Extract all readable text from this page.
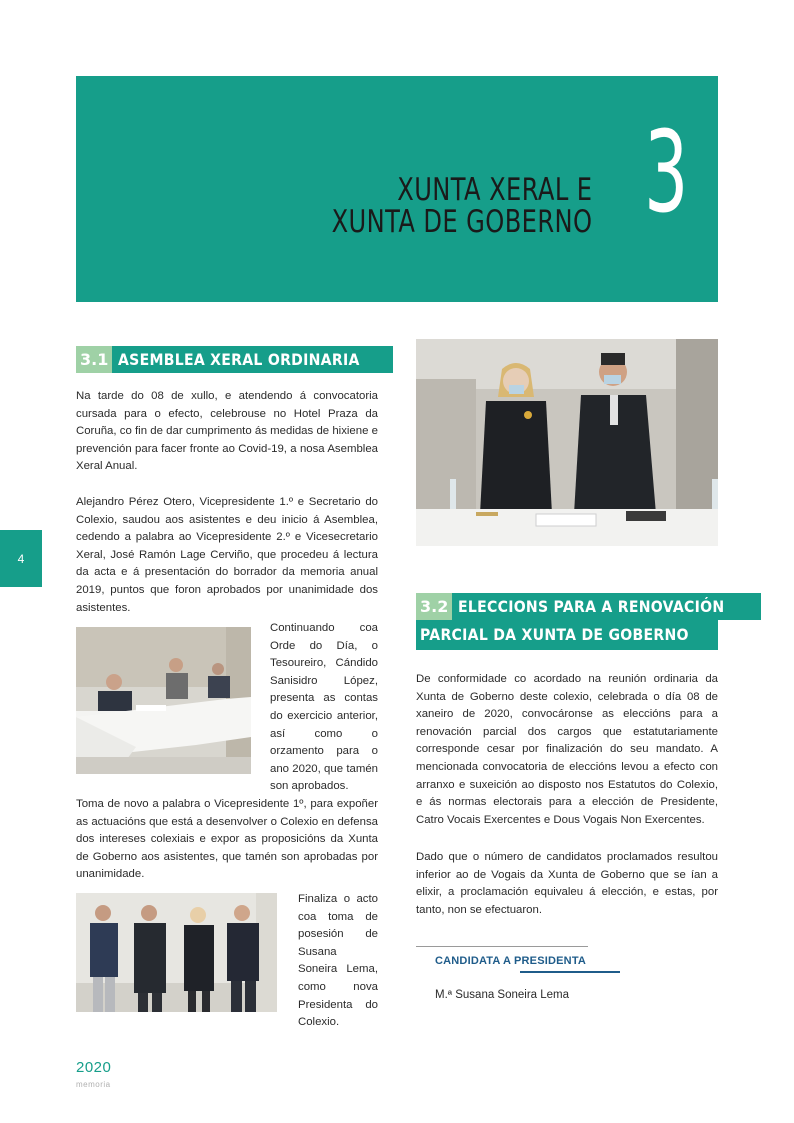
XUNTA XERAL E
XUNTA DE GOBERNO 3
4
3.1 ASEMBLEA XERAL ORDINARIA

Na tarde do 08 de xullo, e atendendo á convocatoria cursada para o efecto, celebrouse no Hotel Praza da Coruña, co fin de dar cumprimento ás medidas de hixiene e prevención para facer fronte ao Covid-19, a nosa Asemblea Xeral Anual.

Alejandro Pérez Otero, Vicepresidente 1.º e Secretario do Colexio, saudou aos asistentes e deu inicio á Asemblea, cedendo a palabra ao Vicepresidente 2.º e Vicesecretario Xeral, José Ramón Lage Cerviño, que procedeu á lectura da acta e á presentación do borrador da memoria anual 2019, puntos que foron aprobados por unanimidade dos asistentes.

Continuando coa Orde do Día, o Tesoureiro, Cándido Sanisidro López, presenta as contas do exercicio anterior, así como o orzamento para o ano 2020, que tamén son aprobados.

Toma de novo a palabra o Vicepresidente 1º, para expoñer as actuacións que está a desenvolver o Colexio en defensa dos intereses colexiais e expor as proposicións da Xunta de Goberno aos asistentes, que tamén son aprobadas por unanimidade.

Finaliza o acto coa toma de posesión de Susana Soneira Lema, como nova Presidenta do Colexio.

3.2 ELECCIONS PARA A RENOVACIÓN
PARCIAL DA XUNTA DE GOBERNO

De conformidade co acordado na reunión ordinaria da Xunta de Goberno deste colexio, celebrada o día 08 de xaneiro de 2020, convocáronse as eleccións para a renovación parcial dos cargos que estatutariamente corresponde cesar por finalización do seu mandato. A mencionada convocatoria de eleccións levou a efecto con arranxo e suxeición ao disposto nos Estatutos do Colexio, e ás normas electorais para a elección de Presidente, Catro Vocais Exercentes e Dous Vogais Non Exercentes.

Dado que o número de candidatos proclamados resultou inferior ao de Vogais da Xunta de Goberno que se ían a elixir, a proclamación equivaleu á elección, e estas, por tanto, non se efectuaron.

CANDIDATA A PRESIDENTA
M.ª Susana Soneira Lema
2020
memoria
